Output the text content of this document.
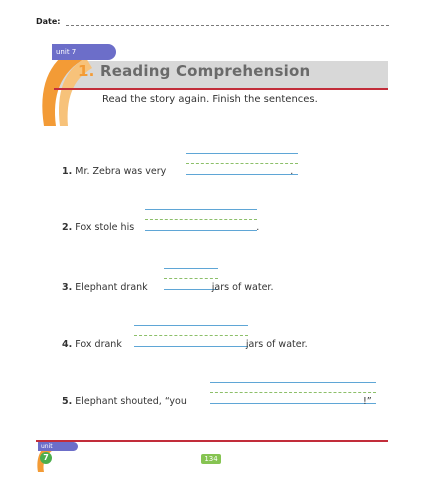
Date:
unit 7
1. Reading Comprehension
Read the story again. Finish the sentences.
1. Mr. Zebra was very	.
2. Fox stole his	.
3. Elephant drank	jars of water.
4. Fox drank	jars of water.
5. Elephant shouted, “you	!”
unit
7	134
